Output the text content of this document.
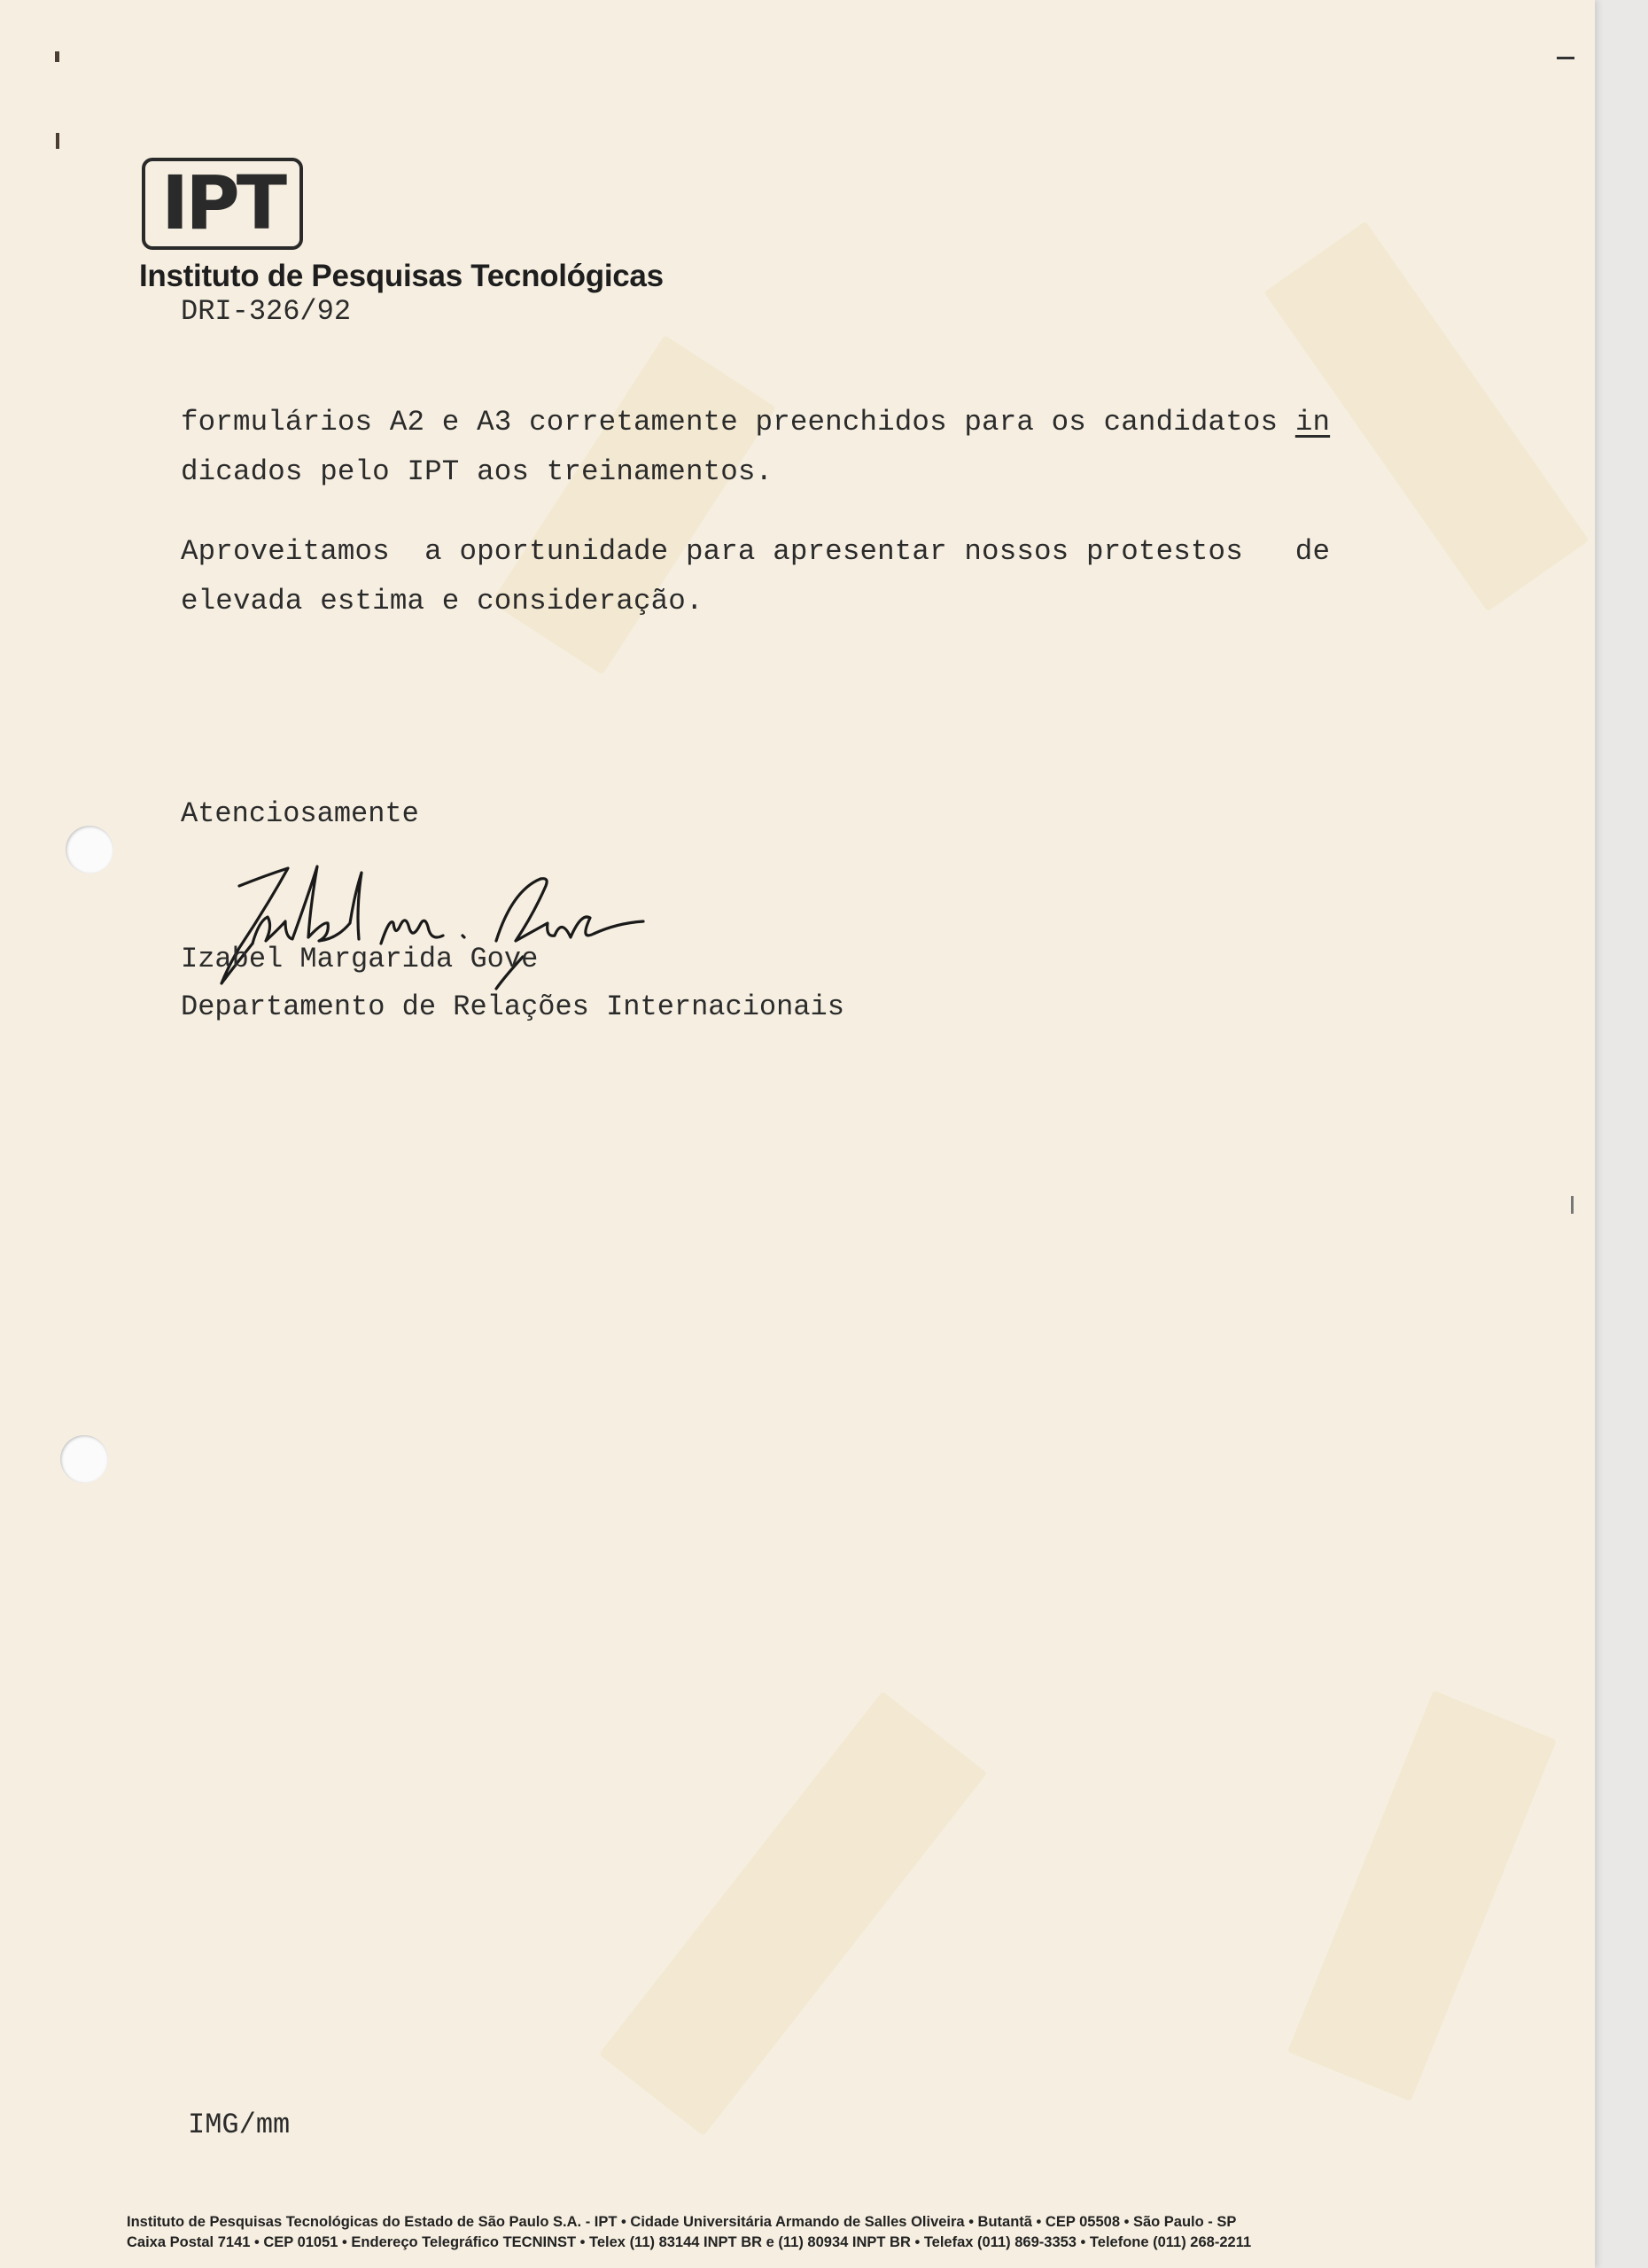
IPT
Instituto de Pesquisas Tecnológicas
DRI-326/92
formulários A2 e A3 corretamente preenchidos para os candidatos in
dicados pelo IPT aos treinamentos.
Aproveitamos  a oportunidade para apresentar nossos protestos   de
elevada estima e consideração.
Atenciosamente
Izabel Margarida Gove
Departamento de Relações Internacionais
IMG/mm
Instituto de Pesquisas Tecnológicas do Estado de São Paulo S.A. - IPT • Cidade Universitária Armando de Salles Oliveira • Butantã • CEP 05508 • São Paulo - SP
Caixa Postal 7141 • CEP 01051 • Endereço Telegráfico TECNINST • Telex (11) 83144 INPT BR e (11) 80934 INPT BR • Telefax (011) 869-3353 • Telefone (011) 268-2211
